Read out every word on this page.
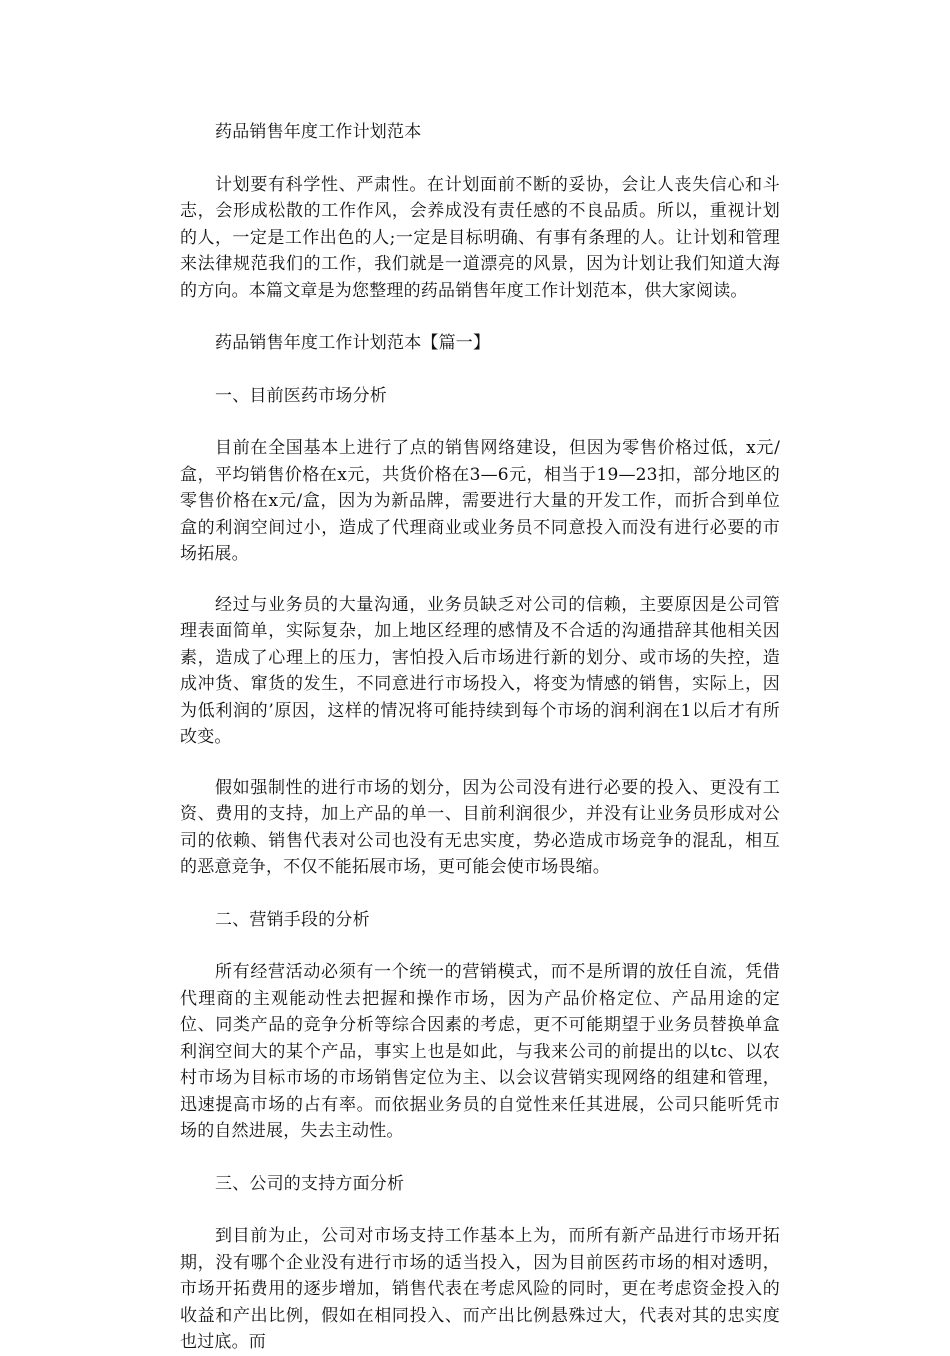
药品销售年度工作计划范本

计划要有科学性、严肃性。在计划面前不断的妥协，会让人丧失信心和斗志，会形成松散的工作作风，会养成没有责任感的不良品质。所以，重视计划的人，一定是工作出色的人;一定是目标明确、有事有条理的人。让计划和管理来法律规范我们的工作，我们就是一道漂亮的风景，因为计划让我们知道大海的方向。本篇文章是为您整理的药品销售年度工作计划范本，供大家阅读。

药品销售年度工作计划范本【篇一】

一、目前医药市场分析

目前在全国基本上进行了点的销售网络建设，但因为零售价格过低，x元/盒，平均销售价格在x元，共货价格在3—6元，相当于19—23扣，部分地区的零售价格在x元/盒，因为为新品牌，需要进行大量的开发工作，而折合到单位盒的利润空间过小，造成了代理商业或业务员不同意投入而没有进行必要的市场拓展。

经过与业务员的大量沟通，业务员缺乏对公司的信赖，主要原因是公司管理表面简单，实际复杂，加上地区经理的感情及不合适的沟通措辞其他相关因素，造成了心理上的压力，害怕投入后市场进行新的划分、或市场的失控，造成冲货、窜货的发生，不同意进行市场投入，将变为情感的销售，实际上，因为低利润的’原因，这样的情况将可能持续到每个市场的润利润在1以后才有所改变。

假如强制性的进行市场的划分，因为公司没有进行必要的投入、更没有工资、费用的支持，加上产品的单一、目前利润很少，并没有让业务员形成对公司的依赖、销售代表对公司也没有无忠实度，势必造成市场竞争的混乱，相互的恶意竞争，不仅不能拓展市场，更可能会使市场畏缩。

二、营销手段的分析

所有经营活动必须有一个统一的营销模式，而不是所谓的放任自流，凭借代理商的主观能动性去把握和操作市场，因为产品价格定位、产品用途的定位、同类产品的竞争分析等综合因素的考虑，更不可能期望于业务员替换单盒利润空间大的某个产品，事实上也是如此，与我来公司的前提出的以tc、以农村市场为目标市场的市场销售定位为主、以会议营销实现网络的组建和管理，迅速提高市场的占有率。而依据业务员的自觉性来任其进展，公司只能听凭市场的自然进展，失去主动性。

三、公司的支持方面分析

到目前为止，公司对市场支持工作基本上为，而所有新产品进行市场开拓期，没有哪个企业没有进行市场的适当投入，因为目前医药市场的相对透明，市场开拓费用的逐步增加，销售代表在考虑风险的同时，更在考虑资金投入的收益和产出比例，假如在相同投入、而产出比例悬殊过大，代表对其的忠实度也过底。而
